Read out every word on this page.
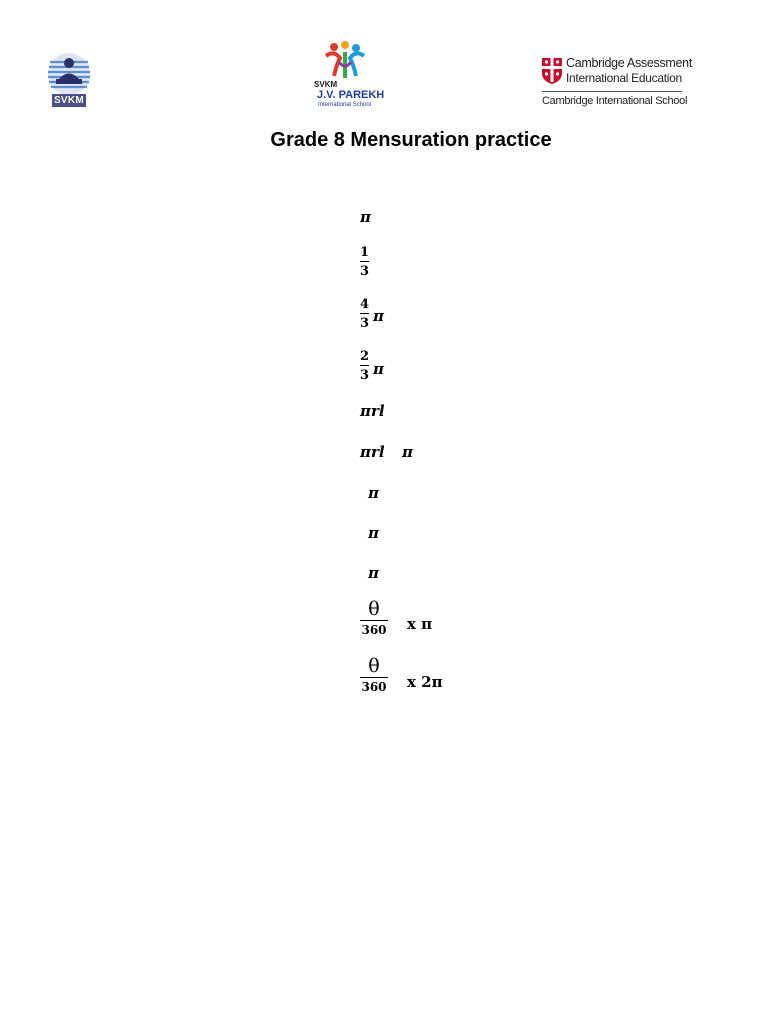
SVKM
SVKM
J.V. PAREKH
International School
Cambridge Assessment
International Education
Cambridge International School
Grade 8 Mensuration practice
π
1
3
4
3 π
2
3 π
πrl
πrl π
π
π
π
θ
360 x π
θ
360 x 2π
